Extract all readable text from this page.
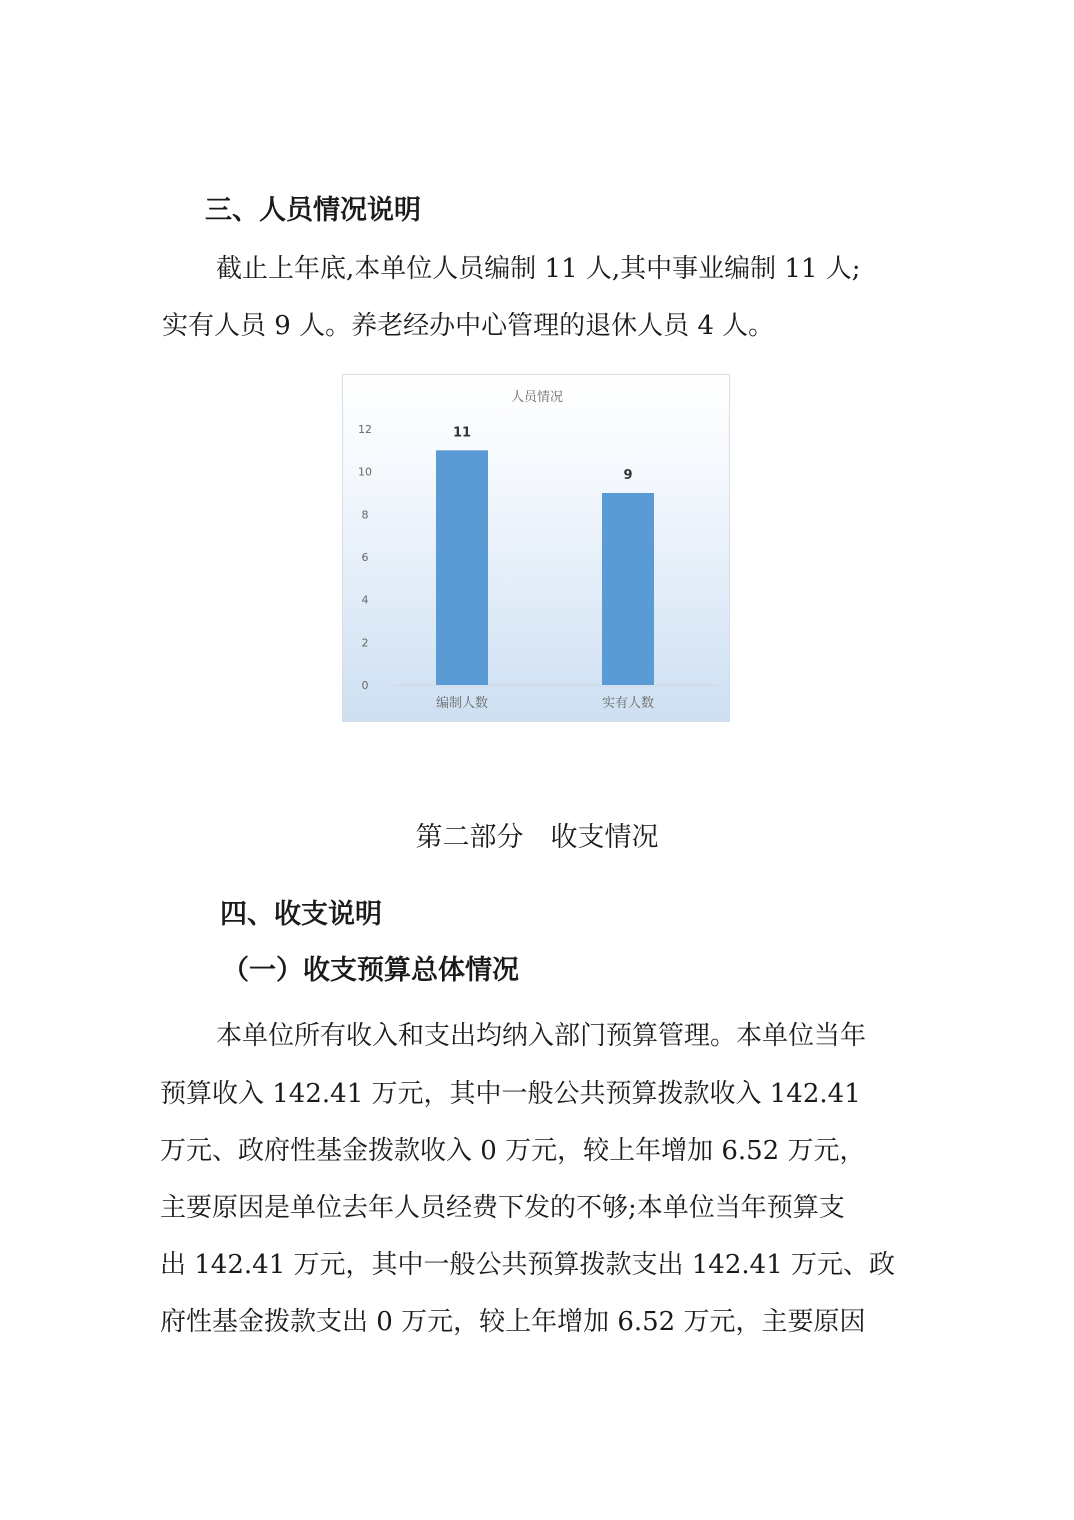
三、人员情况说明

截止上年底,本单位人员编制 11 人,其中事业编制 11 人;

实有人员 9 人。养老经办中心管理的退休人员 4 人。

人员情况
0
2
4
6
8
10
12	11
编制人数
9
实有人数

第二部分　收支情况

四、收支说明

（一）收支预算总体情况

本单位所有收入和支出均纳入部门预算管理。本单位当年

预算收入 142.41 万元，其中一般公共预算拨款收入 142.41

万元、政府性基金拨款收入 0 万元，较上年增加 6.52 万元，

主要原因是单位去年人员经费下发的不够;本单位当年预算支

出 142.41 万元，其中一般公共预算拨款支出 142.41 万元、政

府性基金拨款支出 0 万元，较上年增加 6.52 万元，主要原因
